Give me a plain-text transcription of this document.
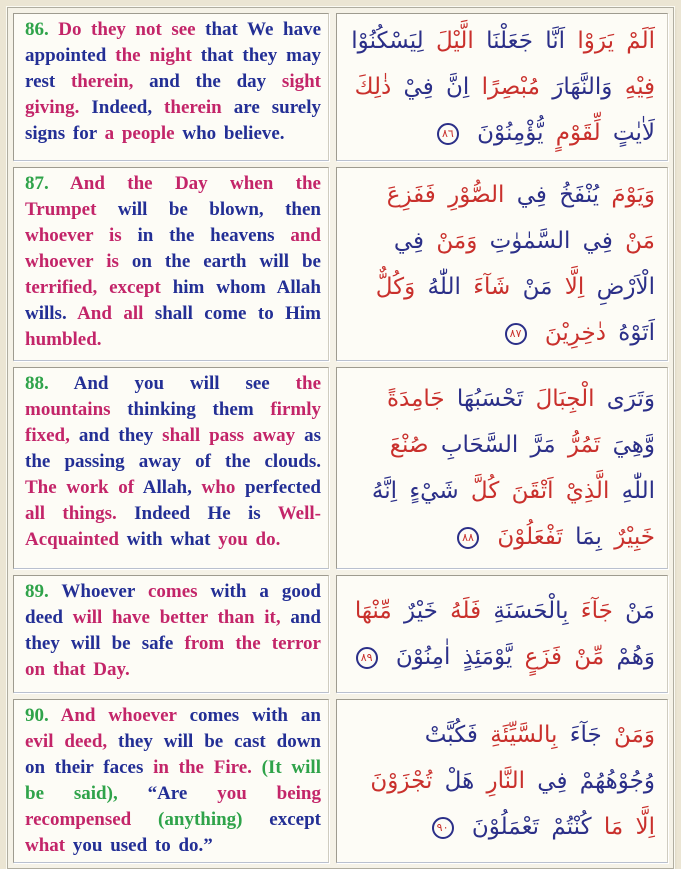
86. Do they not see that We have appointed the night that they may rest therein, and the day sight giving. Indeed, therein are surely signs for a people who believe.

اَلَمْ يَرَوْا اَنَّا جَعَلْنَا الَّيْلَ لِيَسْكُنُوْا فِيْهِ وَالنَّهَارَ مُبْصِرًا اِنَّ فِيْ ذٰلِكَ لَاٰيٰتٍ لِّقَوْمٍ يُّؤْمِنُوْنَ ٨٦

87. And the Day when the Trumpet will be blown, then whoever is in the heavens and whoever is on the earth will be terrified, except him whom Allah wills. And all shall come to Him humbled.

وَيَوْمَ يُنْفَخُ فِي الصُّوْرِ فَفَزِعَ مَنْ فِي السَّمٰوٰتِ وَمَنْ فِي الْاَرْضِ اِلَّا مَنْ شَآءَ اللّٰهُ وَكُلٌّ اَتَوْهُ دٰخِرِيْنَ ٨٧

88. And you will see the mountains thinking them firmly fixed, and they shall pass away as the passing away of the clouds. The work of Allah, who perfected all things. Indeed He is Well-Acquainted with what you do.

وَتَرَى الْجِبَالَ تَحْسَبُهَا جَامِدَةً وَّهِيَ تَمُرُّ مَرَّ السَّحَابِ صُنْعَ اللّٰهِ الَّذِيْ اَتْقَنَ كُلَّ شَيْءٍ اِنَّهُ خَبِيْرٌ بِمَا تَفْعَلُوْنَ ٨٨

89. Whoever comes with a good deed will have better than it, and they will be safe from the terror on that Day.

مَنْ جَآءَ بِالْحَسَنَةِ فَلَهُ خَيْرٌ مِّنْهَا وَهُمْ مِّنْ فَزَعٍ يَّوْمَئِذٍ اٰمِنُوْنَ ٨٩

90. And whoever comes with an evil deed, they will be cast down on their faces in the Fire. (It will be said), “Are you being recompensed (anything) except what you used to do.”

وَمَنْ جَآءَ بِالسَّيِّئَةِ فَكُبَّتْ وُجُوْهُهُمْ فِي النَّارِ هَلْ تُجْزَوْنَ اِلَّا مَا كُنْتُمْ تَعْمَلُوْنَ ٩٠
